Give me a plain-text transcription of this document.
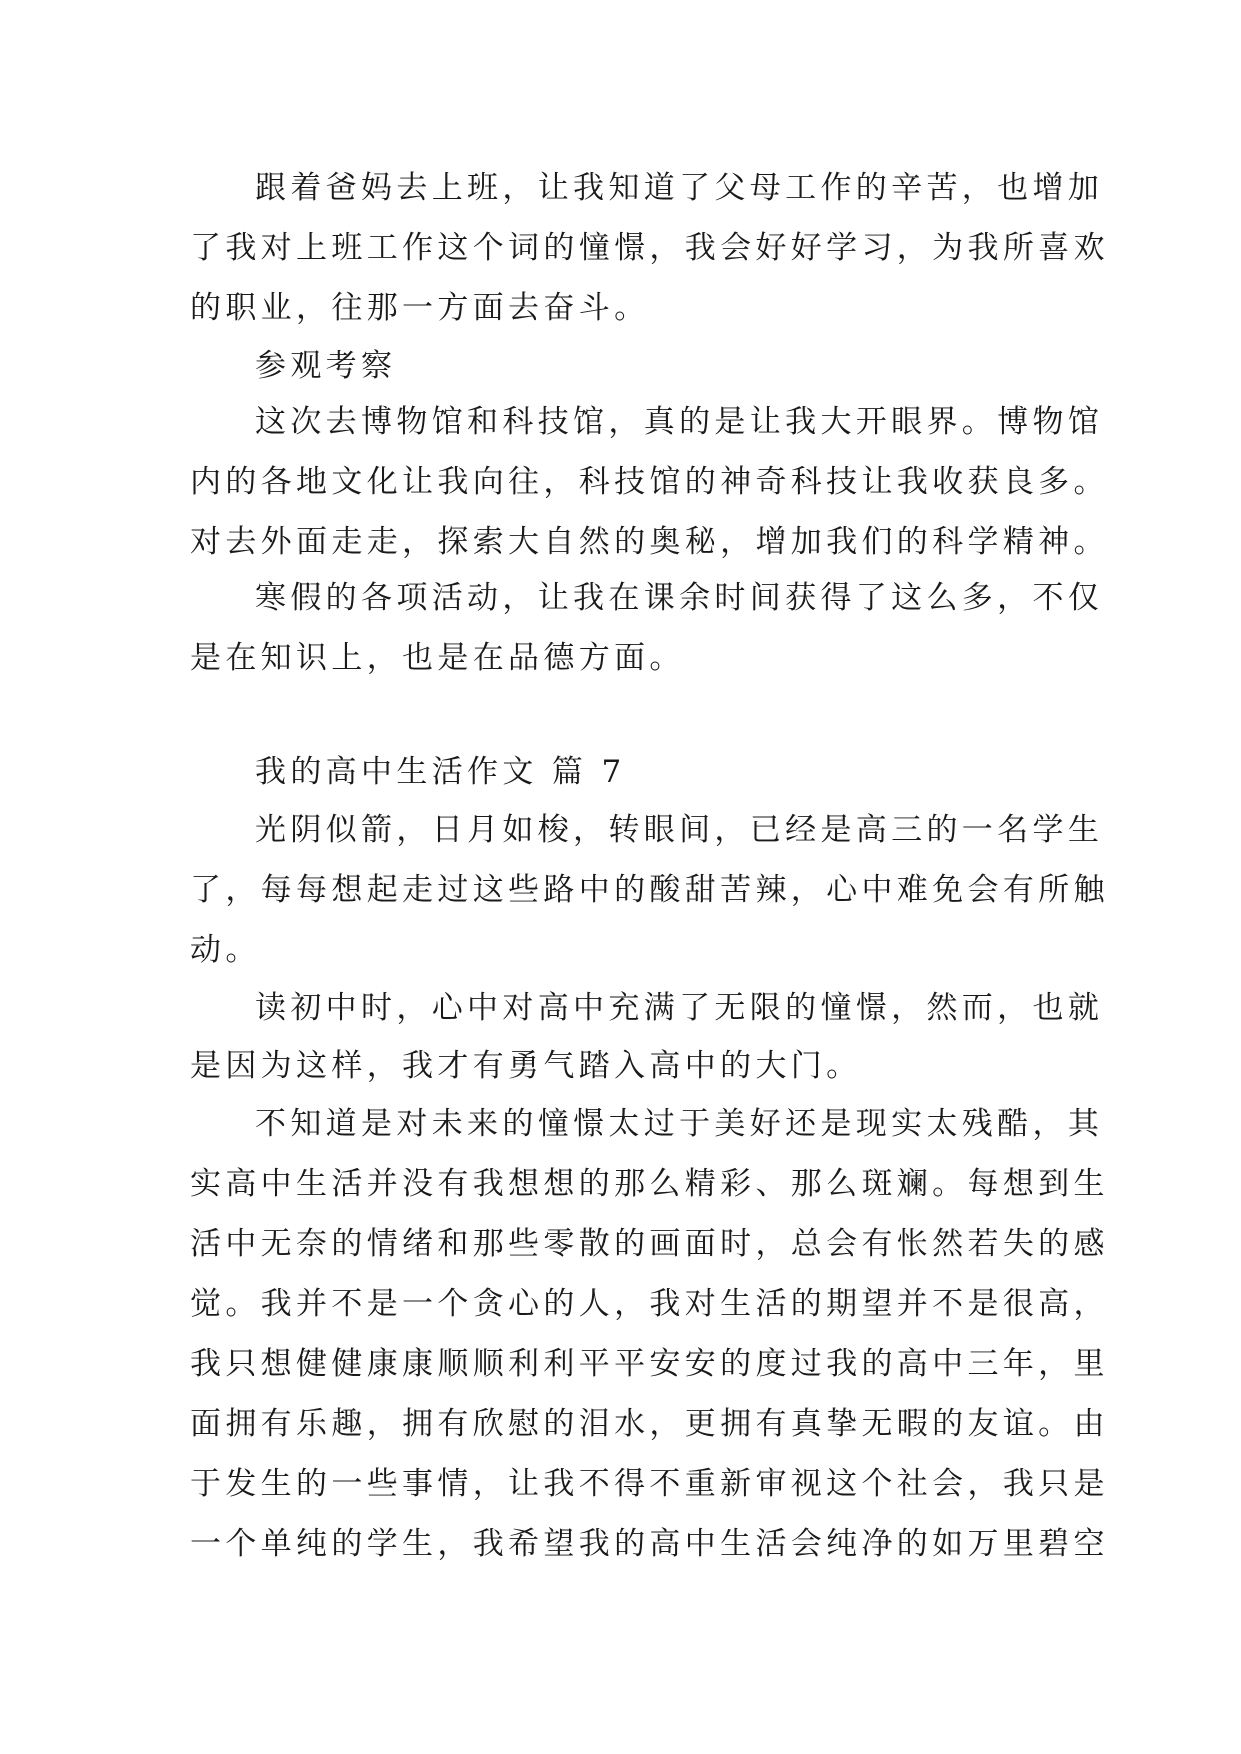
跟着爸妈去上班，让我知道了父母工作的辛苦，也增加

了我对上班工作这个词的憧憬，我会好好学习，为我所喜欢

的职业，往那一方面去奋斗。

参观考察

这次去博物馆和科技馆，真的是让我大开眼界。博物馆

内的各地文化让我向往，科技馆的神奇科技让我收获良多。

对去外面走走，探索大自然的奥秘，增加我们的科学精神。

寒假的各项活动，让我在课余时间获得了这么多，不仅

是在知识上，也是在品德方面。

我的高中生活作文 篇 7

光阴似箭，日月如梭，转眼间，已经是高三的一名学生

了，每每想起走过这些路中的酸甜苦辣，心中难免会有所触

动。

读初中时，心中对高中充满了无限的憧憬，然而，也就

是因为这样，我才有勇气踏入高中的大门。

不知道是对未来的憧憬太过于美好还是现实太残酷，其

实高中生活并没有我想想的那么精彩、那么斑斓。每想到生

活中无奈的情绪和那些零散的画面时，总会有怅然若失的感

觉。我并不是一个贪心的人，我对生活的期望并不是很高，

我只想健健康康顺顺利利平平安安的度过我的高中三年，里

面拥有乐趣，拥有欣慰的泪水，更拥有真挚无暇的友谊。由

于发生的一些事情，让我不得不重新审视这个社会，我只是

一个单纯的学生，我希望我的高中生活会纯净的如万里碧空
